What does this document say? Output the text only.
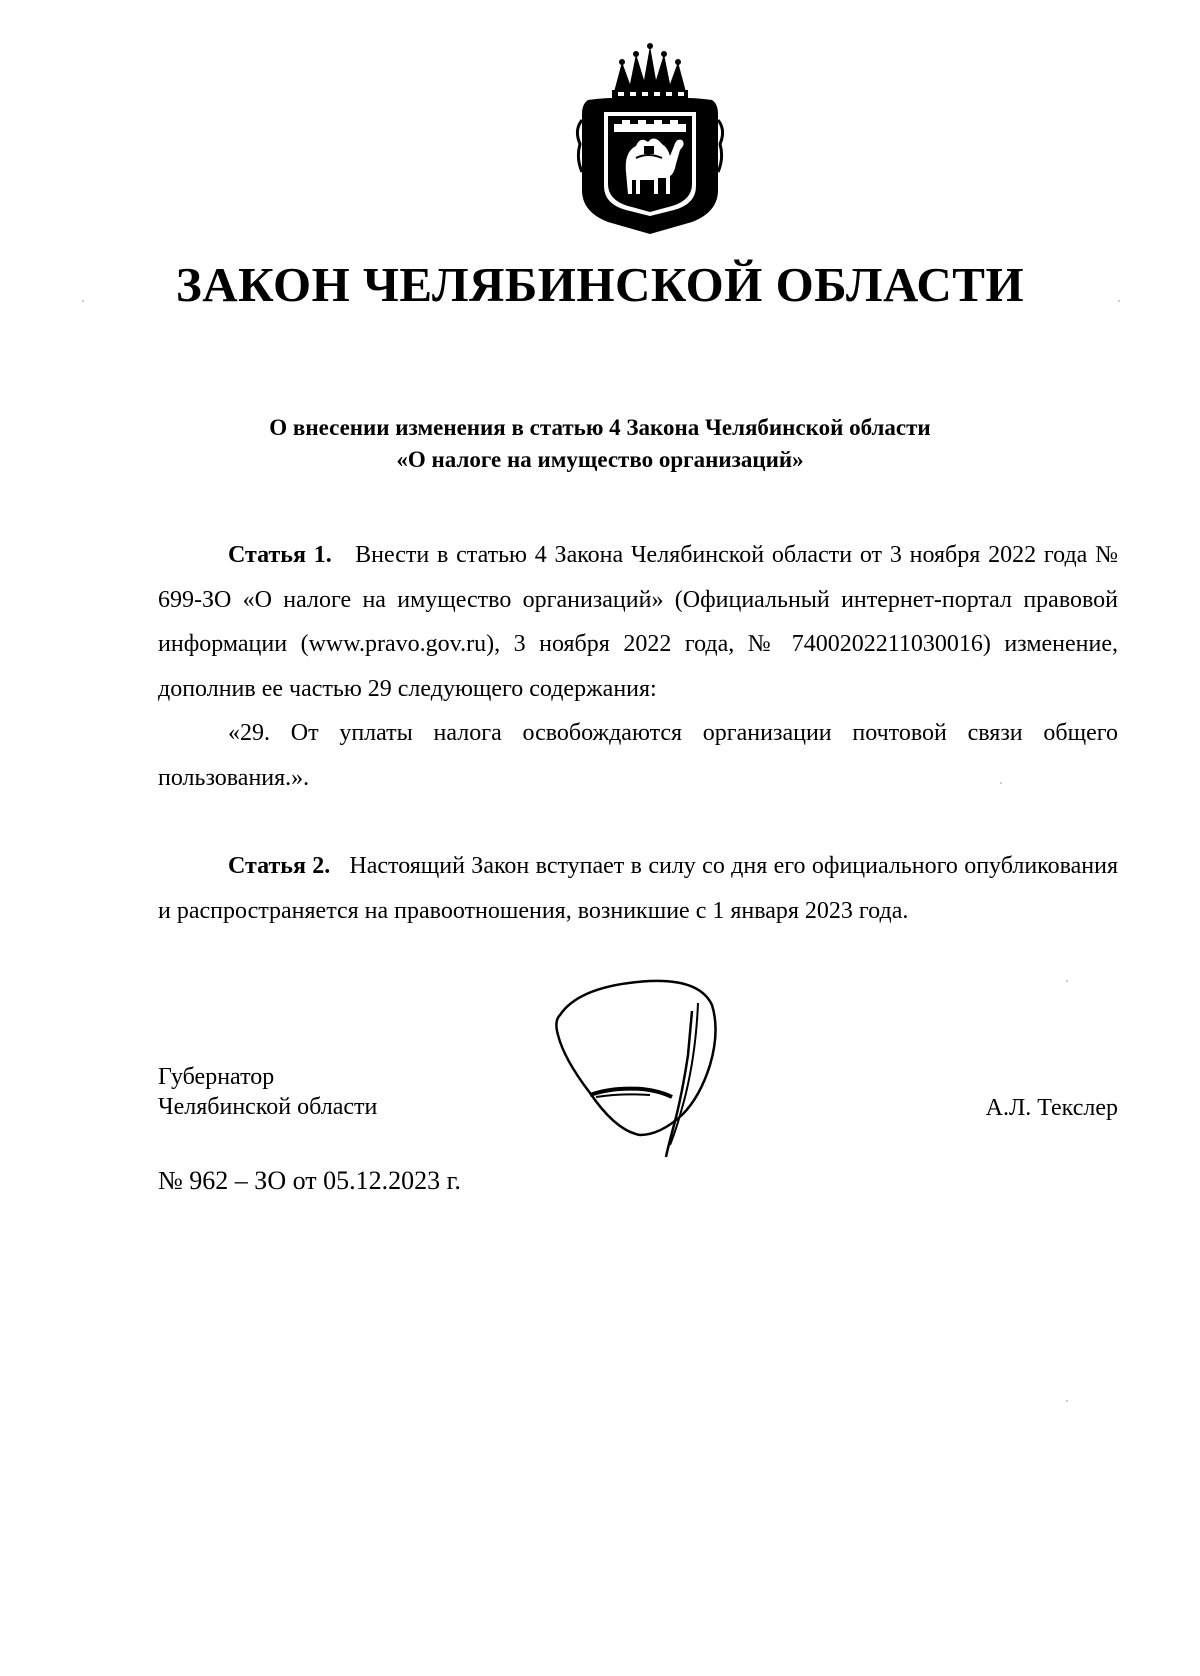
ЗАКОН ЧЕЛЯБИНСКОЙ ОБЛАСТИ
О внесении изменения в статью 4 Закона Челябинской области
«О налоге на имущество организаций»

Статья 1. Внести в статью 4 Закона Челябинской области от 3 ноября 2022 года № 699-ЗО «О налоге на имущество организаций» (Официальный интернет-портал правовой информации (www.pravo.gov.ru), 3 ноября 2022 года, № 7400202211030016) изменение, дополнив ее частью 29 следующего содержания:

«29. От уплаты налога освобождаются организации почтовой связи общего пользования.».

Статья 2. Настоящий Закон вступает в силу со дня его официального опубликования и распространяется на правоотношения, возникшие с 1 января 2023 года.

Губернатор
Челябинской области	А.Л. Текслер
№ 962 – ЗО от 05.12.2023 г.
